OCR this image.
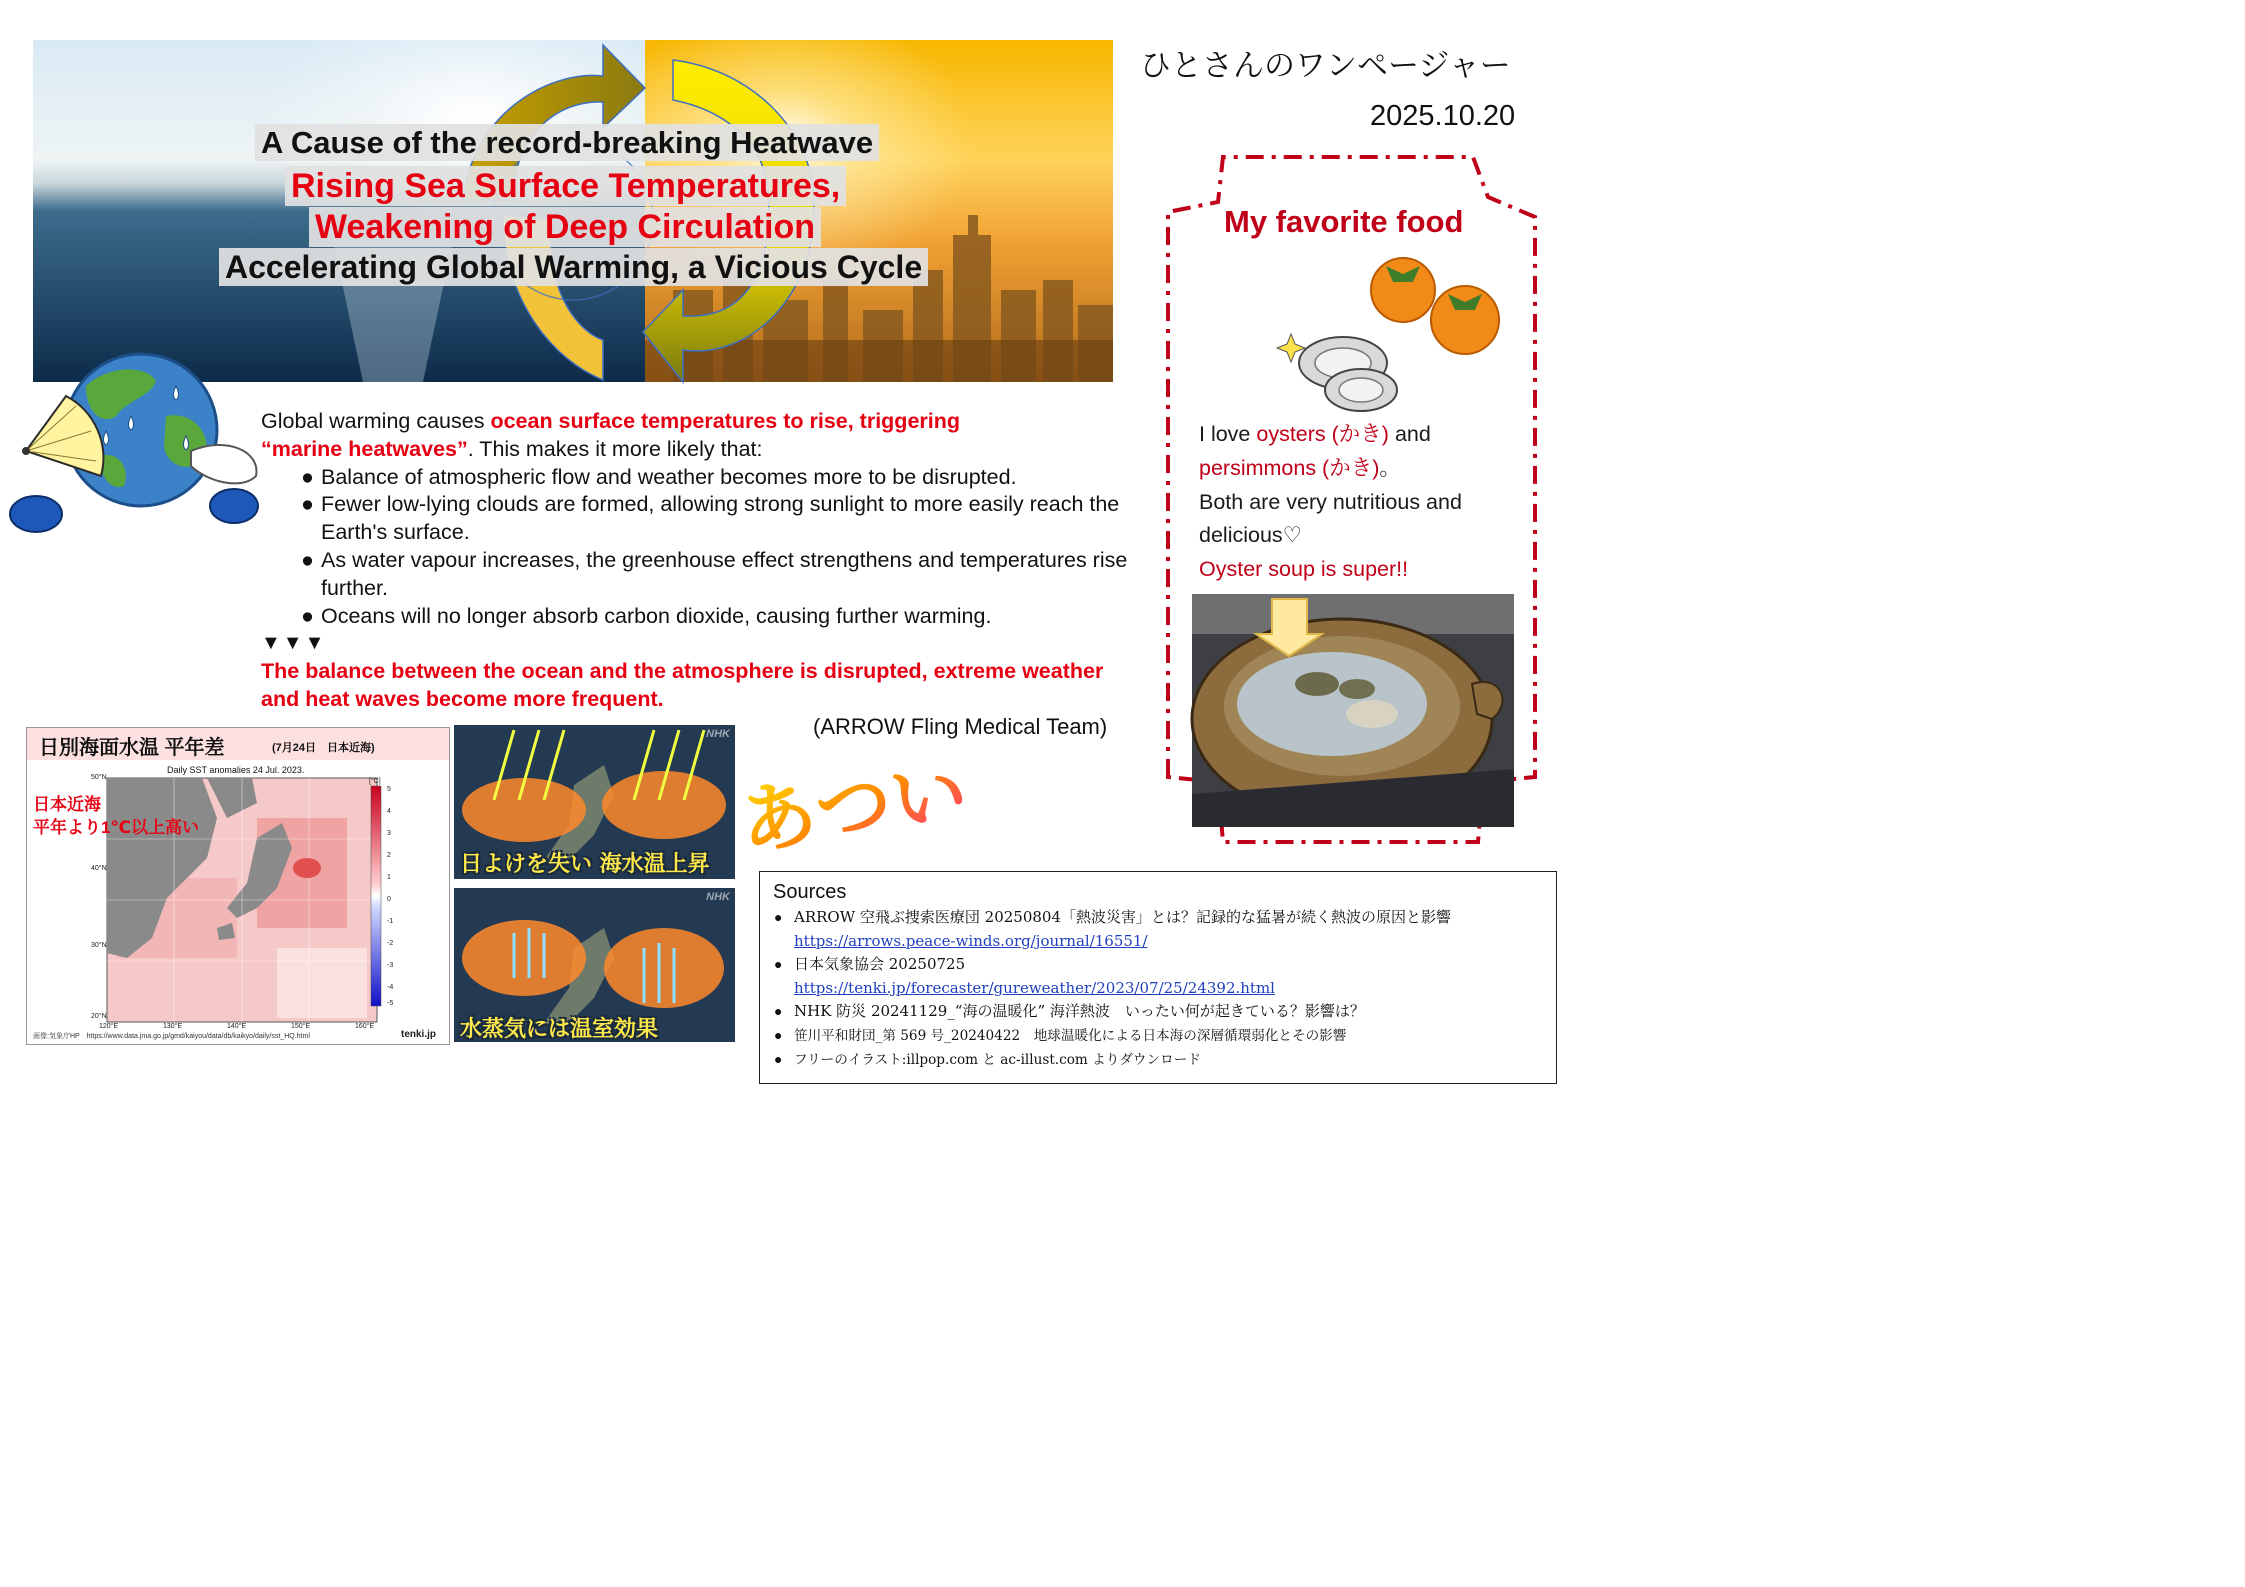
A Cause of the record-breaking Heatwave
Rising Sea Surface Temperatures,
Weakening of Deep Circulation
Accelerating Global Warming, a Vicious Cycle
ひとさんのワンページャー
2025.10.20

Global warming causes ocean surface temperatures to rise, triggering
“marine heatwaves”. This makes it more likely that:

● Balance of atmospheric flow and weather becomes more to be disrupted.

● Fewer low-lying clouds are formed, allowing strong sunlight to more easily reach the Earth's surface.

● As water vapour increases, the greenhouse effect strengthens and temperatures rise further.

● Oceans will no longer absorb carbon dioxide, causing further warming.

▼▼▼

The balance between the ocean and the atmosphere is disrupted, extreme weather and heat waves become more frequent.

(ARROW Fling Medical Team)
My favorite food

I love oysters (かき) and

persimmons (かき)。

Both are very nutritious and

delicious♡

Oyster soup is super!!

日別海面水温 平年差	(7月24日　日本近海)
Daily SST anomalies 24 Jul. 2023.
50°N
40°N
30°N
20°N
120°E	130°E	140°E	150°E	160°E
[°C]
5
4
3
2
1
0
-1
-2
-3
-4
-5
日本近海
平年より1℃以上高い
画像:気象庁HP　https://www.data.jma.go.jp/gmd/kaiyou/data/db/kaikyo/daily/sst_HQ.html	tenki.jp
NHK
日よけを失い 海水温上昇
NHK
水蒸気には温室効果
あつい
Sources

● ARROW 空飛ぶ捜索医療団 20250804「熱波災害」とは？記録的な猛暑が続く熱波の原因と影響

https://arrows.peace-winds.org/journal/16551/

● 日本気象協会 20250725

https://tenki.jp/forecaster/gureweather/2023/07/25/24392.html

● NHK 防災 20241129_“海の温暖化” 海洋熱波　いったい何が起きている？影響は？

● 笹川平和財団_第 569 号_20240422　地球温暖化による日本海の深層循環弱化とその影響

● フリーのイラスト:illpop.com と ac-illust.com よりダウンロード
